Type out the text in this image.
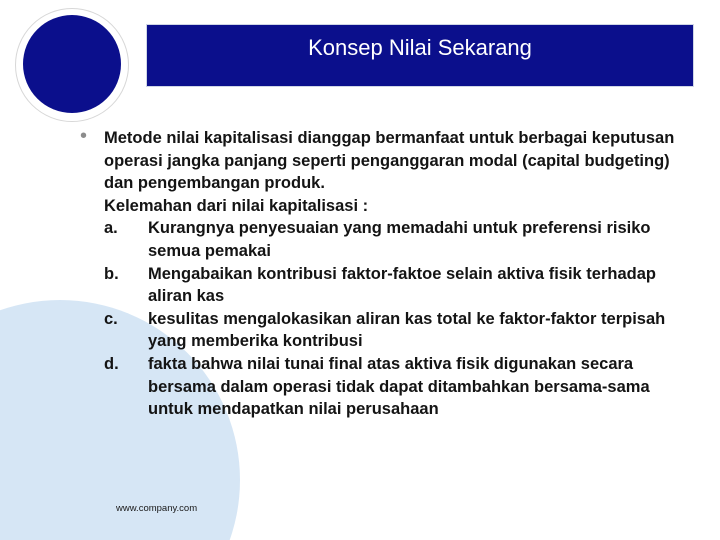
Konsep Nilai Sekarang
• Metode nilai kapitalisasi dianggap bermanfaat untuk berbagai keputusan operasi jangka panjang seperti penganggaran modal (capital budgeting) dan pengembangan produk.
Kelemahan dari nilai kapitalisasi :
a.	Kurangnya penyesuaian yang memadahi untuk preferensi risiko semua pemakai
b.	Mengabaikan kontribusi faktor-faktoe selain aktiva fisik terhadap aliran kas
c.	kesulitas mengalokasikan aliran kas total ke faktor-faktor terpisah yang memberika kontribusi
d.	fakta bahwa nilai tunai final atas aktiva fisik digunakan secara bersama dalam operasi tidak dapat ditambahkan bersama-sama untuk mendapatkan nilai perusahaan
www.company.com
